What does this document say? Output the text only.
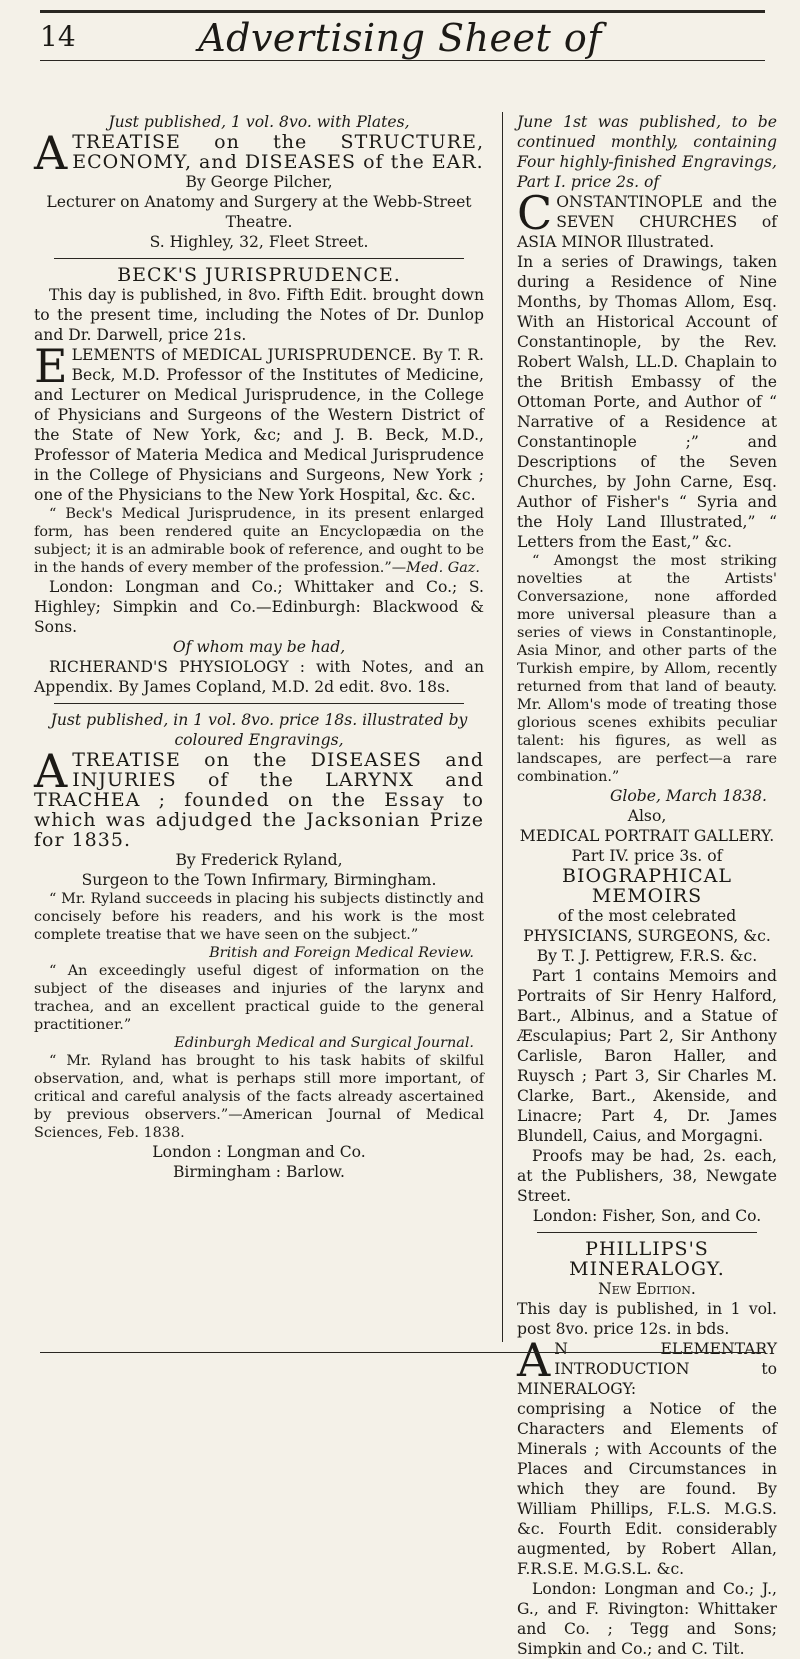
14	Advertising Sheet of

Just published, 1 vol. 8vo. with Plates,

ATREATISE on the STRUCTURE, ECONOMY, and DISEASES of the EAR.

By George Pilcher,

Lecturer on Anatomy and Surgery at the Webb-Street Theatre.

S. Highley, 32, Fleet Street.

BECK'S JURISPRUDENCE.

This day is published, in 8vo. Fifth Edit. brought down to the present time, including the Notes of Dr. Dunlop and Dr. Darwell, price 21s.

ELEMENTS of MEDICAL JURISPRUDENCE. By T. R. Beck, M.D. Professor of the Institutes of Medicine, and Lecturer on Medical Jurisprudence, in the College of Physicians and Surgeons of the Western District of the State of New York, &c; and J. B. Beck, M.D., Professor of Materia Medica and Medical Jurisprudence in the College of Physicians and Surgeons, New York ; one of the Physicians to the New York Hospital, &c. &c.

“ Beck's Medical Jurisprudence, in its present enlarged form, has been rendered quite an Encyclopædia on the subject; it is an admirable book of reference, and ought to be in the hands of every member of the profession.”—Med. Gaz.

London: Longman and Co.; Whittaker and Co.; S. Highley; Simpkin and Co.—Edinburgh: Blackwood & Sons.

Of whom may be had,

RICHERAND'S PHYSIOLOGY : with Notes, and an Appendix. By James Copland, M.D. 2d edit. 8vo. 18s.

Just published, in 1 vol. 8vo. price 18s. illustrated by coloured Engravings,

ATREATISE on the DISEASES and INJURIES of the LARYNX and TRACHEA ; founded on the Essay to which was adjudged the Jacksonian Prize for 1835.

By Frederick Ryland,

Surgeon to the Town Infirmary, Birmingham.

“ Mr. Ryland succeeds in placing his subjects distinctly and concisely before his readers, and his work is the most complete treatise that we have seen on the subject.”

British and Foreign Medical Review.

“ An exceedingly useful digest of information on the subject of the diseases and injuries of the larynx and trachea, and an excellent practical guide to the general practitioner.”

Edinburgh Medical and Surgical Journal.

“ Mr. Ryland has brought to his task habits of skilful observation, and, what is perhaps still more important, of critical and careful analysis of the facts already ascertained by previous observers.”—American Journal of Medical Sciences, Feb. 1838.

London : Longman and Co.

Birmingham : Barlow.

June 1st was published, to be continued monthly, containing Four highly-finished Engravings, Part I. price 2s. of

CONSTANTINOPLE and the SEVEN CHURCHES of ASIA MINOR Illustrated.

In a series of Drawings, taken during a Residence of Nine Months, by Thomas Allom, Esq. With an Historical Account of Constantinople, by the Rev. Robert Walsh, LL.D. Chaplain to the British Embassy of the Ottoman Porte, and Author of “ Narrative of a Residence at Constantinople ;” and Descriptions of the Seven Churches, by John Carne, Esq. Author of Fisher's “ Syria and the Holy Land Illustrated,” “ Letters from the East,” &c.

“ Amongst the most striking novelties at the Artists' Conversazione, none afforded more universal pleasure than a series of views in Constantinople, Asia Minor, and other parts of the Turkish empire, by Allom, recently returned from that land of beauty. Mr. Allom's mode of treating those glorious scenes exhibits peculiar talent: his figures, as well as landscapes, are perfect—a rare combination.”

Globe, March 1838.

Also,

MEDICAL PORTRAIT GALLERY.

Part IV. price 3s. of

BIOGRAPHICAL MEMOIRS

of the most celebrated

PHYSICIANS, SURGEONS, &c.

By T. J. Pettigrew, F.R.S. &c.

Part 1 contains Memoirs and Portraits of Sir Henry Halford, Bart., Albinus, and a Statue of Æsculapius; Part 2, Sir Anthony Carlisle, Baron Haller, and Ruysch ; Part 3, Sir Charles M. Clarke, Bart., Akenside, and Linacre; Part 4, Dr. James Blundell, Caius, and Morgagni.

Proofs may be had, 2s. each, at the Publishers, 38, Newgate Street.

London: Fisher, Son, and Co.

PHILLIPS'S MINERALOGY.

New Edition.

This day is published, in 1 vol. post 8vo. price 12s. in bds.

A N ELEMENTARY INTRODUCTION to MINERALOGY:

comprising a Notice of the Characters and Elements of Minerals ; with Accounts of the Places and Circumstances in which they are found. By William Phillips, F.L.S. M.G.S. &c. Fourth Edit. considerably augmented, by Robert Allan, F.R.S.E. M.G.S.L. &c.

London: Longman and Co.; J., G., and F. Rivington: Whittaker and Co. ; Tegg and Sons; Simpkin and Co.; and C. Tilt.
